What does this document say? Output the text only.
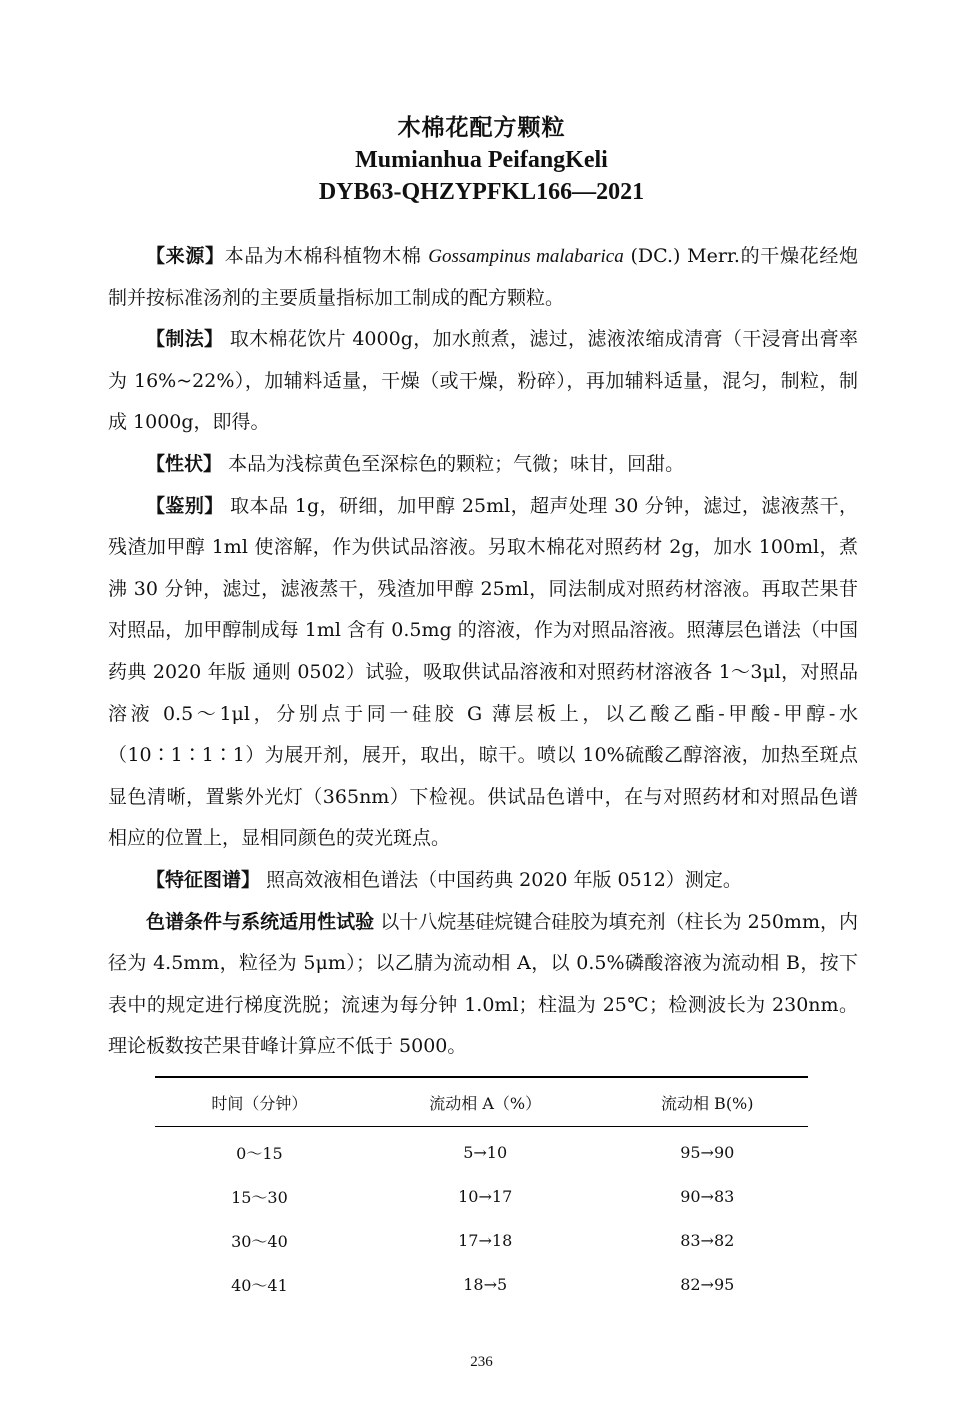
木棉花配方颗粒
Mumianhua PeifangKeli
DYB63-QHZYPFKL166—2021

【来源】本品为木棉科植物木棉 Gossampinus malabarica (DC.) Merr.的干燥花经炮制并按标准汤剂的主要质量指标加工制成的配方颗粒。

【制法】 取木棉花饮片 4000g，加水煎煮，滤过，滤液浓缩成清膏（干浸膏出膏率为 16%~22%），加辅料适量，干燥（或干燥，粉碎），再加辅料适量，混匀，制粒，制成 1000g，即得。

【性状】 本品为浅棕黄色至深棕色的颗粒；气微；味甘，回甜。

【鉴别】 取本品 1g，研细，加甲醇 25ml，超声处理 30 分钟，滤过，滤液蒸干，残渣加甲醇 1ml 使溶解，作为供试品溶液。另取木棉花对照药材 2g，加水 100ml，煮沸 30 分钟，滤过，滤液蒸干，残渣加甲醇 25ml，同法制成对照药材溶液。再取芒果苷对照品，加甲醇制成每 1ml 含有 0.5mg 的溶液，作为对照品溶液。照薄层色谱法（中国药典 2020 年版 通则 0502）试验，吸取供试品溶液和对照药材溶液各 1～3μl，对照品溶液 0.5～1μl，分别点于同一硅胶 G 薄层板上，以乙酸乙酯-甲酸-甲醇-水（10∶1∶1∶1）为展开剂，展开，取出，晾干。喷以 10%硫酸乙醇溶液，加热至斑点显色清晰，置紫外光灯（365nm）下检视。供试品色谱中，在与对照药材和对照品色谱相应的位置上，显相同颜色的荧光斑点。

【特征图谱】 照高效液相色谱法（中国药典 2020 年版 0512）测定。

色谱条件与系统适用性试验 以十八烷基硅烷键合硅胶为填充剂（柱长为 250mm，内径为 4.5mm，粒径为 5μm）；以乙腈为流动相 A，以 0.5%磷酸溶液为流动相 B，按下表中的规定进行梯度洗脱；流速为每分钟 1.0ml；柱温为 25℃；检测波长为 230nm。理论板数按芒果苷峰计算应不低于 5000。

时间（分钟）	流动相 A（%）	流动相 B(%)
0～15	5→10	95→90
15～30	10→17	90→83
30～40	17→18	83→82
40～41	18→5	82→95
236
